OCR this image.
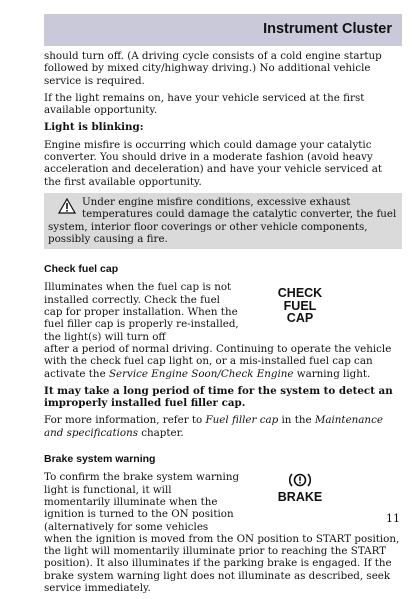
Instrument Cluster

should turn off. (A driving cycle consists of a cold engine startup followed by mixed city/highway driving.) No additional vehicle service is required.

If the light remains on, have your vehicle serviced at the first available opportunity.

Light is blinking:

Engine misfire is occurring which could damage your catalytic converter. You should drive in a moderate fashion (avoid heavy acceleration and deceleration) and have your vehicle serviced at the first available opportunity.

Under engine misfire conditions, excessive exhaust temperatures could damage the catalytic converter, the fuel system, interior floor coverings or other vehicle components, possibly causing a fire.
Check fuel cap
CHECK
FUEL
CAP
Illuminates when the fuel cap is not installed correctly. Check the fuel cap for proper installation. When the fuel filler cap is properly re-installed, the light(s) will turn off

after a period of normal driving. Continuing to operate the vehicle with the check fuel cap light on, or a mis-installed fuel cap can activate the Service Engine Soon/Check Engine warning light.

It may take a long period of time for the system to detect an improperly installed fuel filler cap.

For more information, refer to Fuel filler cap in the Maintenance and specifications chapter.

Brake system warning
BRAKE
To confirm the brake system warning light is functional, it will momentarily illuminate when the ignition is turned to the ON position (alternatively for some vehicles

when the ignition is moved from the ON position to START position, the light will momentarily illuminate prior to reaching the START position). It also illuminates if the parking brake is engaged. If the brake system warning light does not illuminate as described, seek service immediately.

11
